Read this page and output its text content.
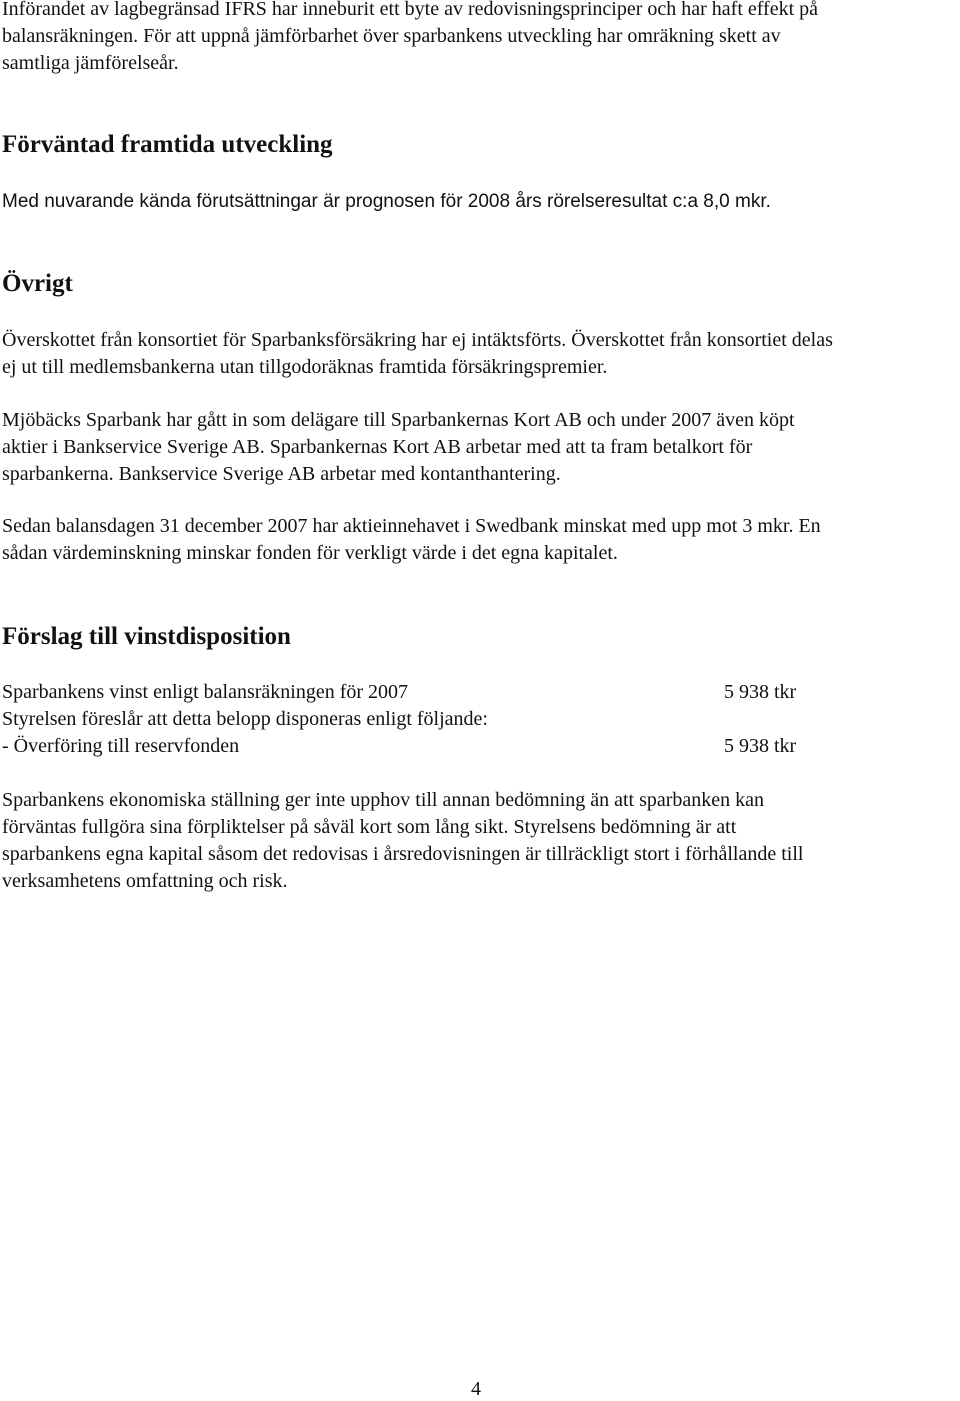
Införandet av lagbegränsad IFRS har inneburit ett byte av redovisningsprinciper och har haft effekt på
balansräkningen. För att uppnå jämförbarhet över sparbankens utveckling har omräkning skett av
samtliga jämförelseår.

Förväntad framtida utveckling

Med nuvarande kända förutsättningar är prognosen för 2008 års rörelseresultat c:a 8,0 mkr.

Övrigt

Överskottet från konsortiet för Sparbanksförsäkring har ej intäktsförts. Överskottet från konsortiet delas
ej ut till medlemsbankerna utan tillgodoräknas framtida försäkringspremier.

Mjöbäcks Sparbank har gått in som delägare till Sparbankernas Kort AB och under 2007 även köpt
aktier i Bankservice Sverige AB. Sparbankernas Kort AB arbetar med att ta fram betalkort för
sparbankerna. Bankservice Sverige AB arbetar med kontanthantering.

Sedan balansdagen 31 december 2007 har aktieinnehavet i Swedbank minskat med upp mot 3 mkr. En
sådan värdeminskning minskar fonden för verkligt värde i det egna kapitalet.

Förslag till vinstdisposition
Sparbankens vinst enligt balansräkningen för 2007	5 938 tkr
Styrelsen föreslår att detta belopp disponeras enligt följande:
- Överföring till reservfonden	5 938 tkr

Sparbankens ekonomiska ställning ger inte upphov till annan bedömning än att sparbanken kan
förväntas fullgöra sina förpliktelser på såväl kort som lång sikt. Styrelsens bedömning är att
sparbankens egna kapital såsom det redovisas i årsredovisningen är tillräckligt stort i förhållande till
verksamhetens omfattning och risk.

4
